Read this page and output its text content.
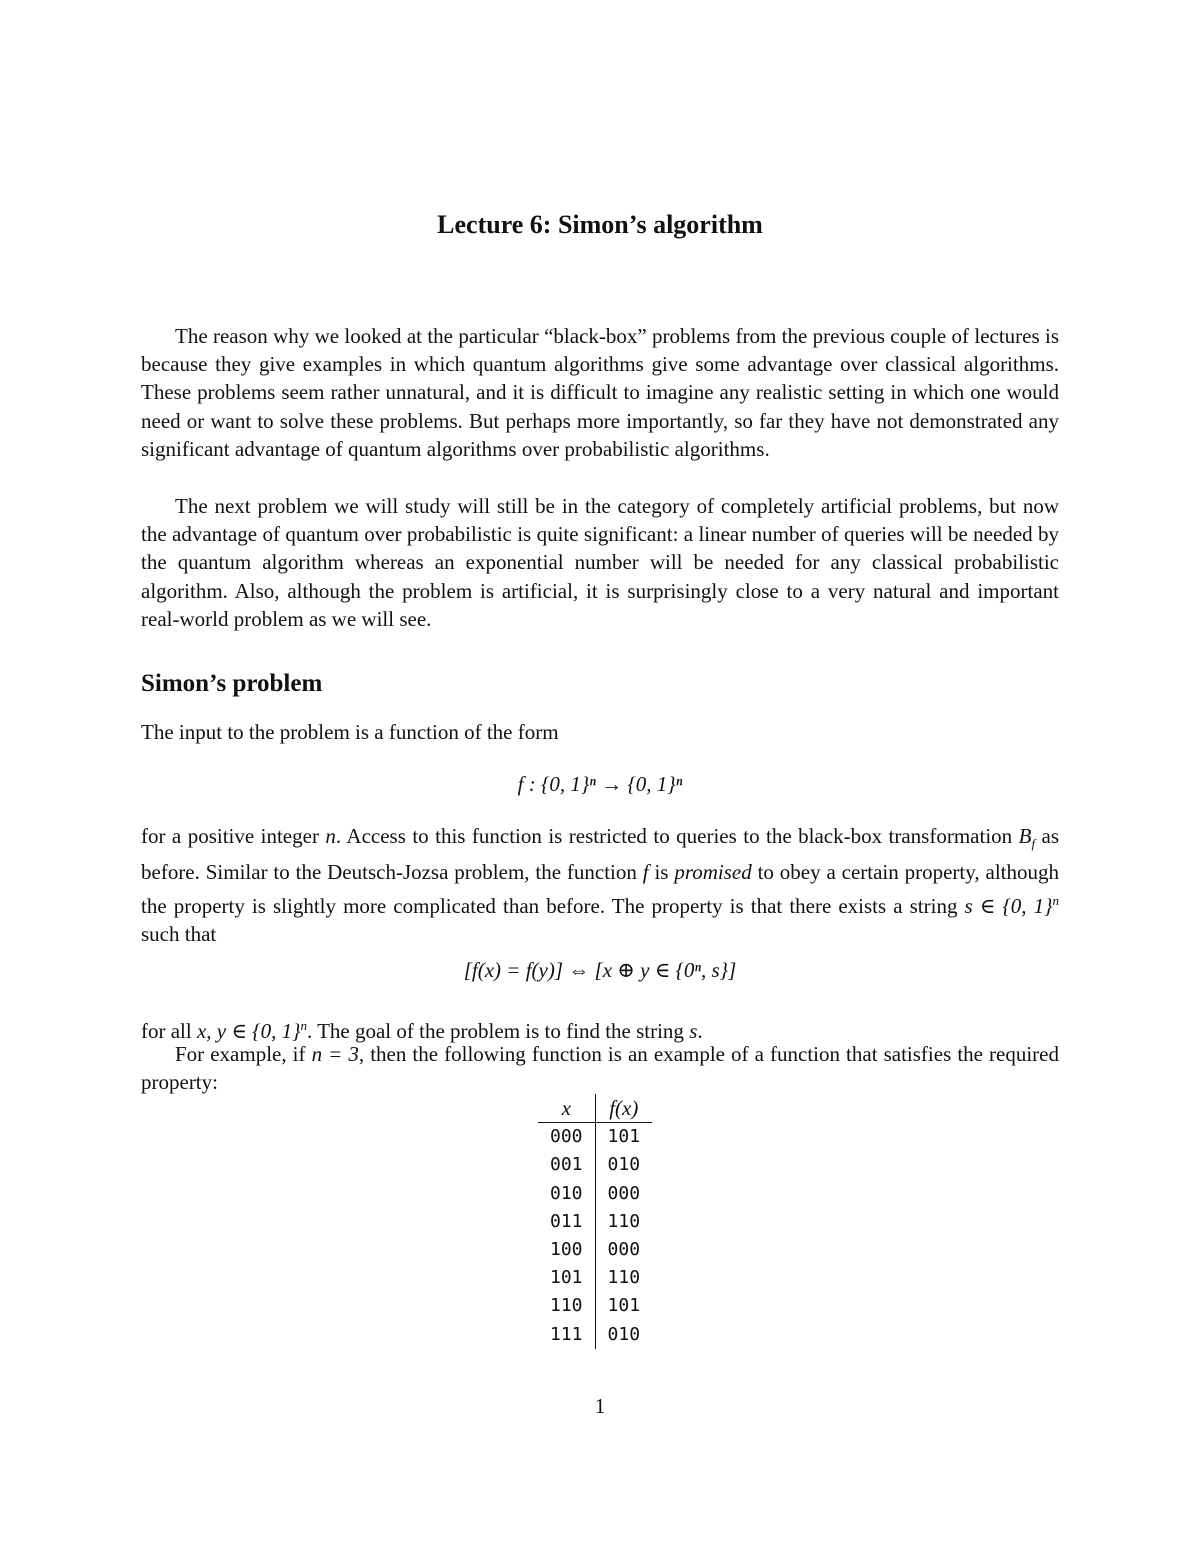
Lecture 6: Simon’s algorithm
The reason why we looked at the particular “black-box” problems from the previous couple of lectures is because they give examples in which quantum algorithms give some advantage over classical algorithms. These problems seem rather unnatural, and it is difficult to imagine any realistic setting in which one would need or want to solve these problems. But perhaps more importantly, so far they have not demonstrated any significant advantage of quantum algorithms over probabilistic algorithms.
The next problem we will study will still be in the category of completely artificial problems, but now the advantage of quantum over probabilistic is quite significant: a linear number of queries will be needed by the quantum algorithm whereas an exponential number will be needed for any classical probabilistic algorithm. Also, although the problem is artificial, it is surprisingly close to a very natural and important real-world problem as we will see.
Simon’s problem
The input to the problem is a function of the form
f : {0, 1}ⁿ → {0, 1}ⁿ
for a positive integer n. Access to this function is restricted to queries to the black-box transformation $B_f$ as before. Similar to the Deutsch-Jozsa problem, the function f is promised to obey a certain property, although the property is slightly more complicated than before. The property is that there exists a string s ∈ {0, 1}$^n$ such that
[f(x) = f(y)] ⇔ [x ⊕ y ∈ {0ⁿ, s}]
for all x, y ∈ {0, 1}$^n$. The goal of the problem is to find the string s.
For example, if n = 3, then the following function is an example of a function that satisfies the required property:
x	f(x)
000	101
001	010
010	000
011	110
100	000
101	110
110	101
111	010
1
